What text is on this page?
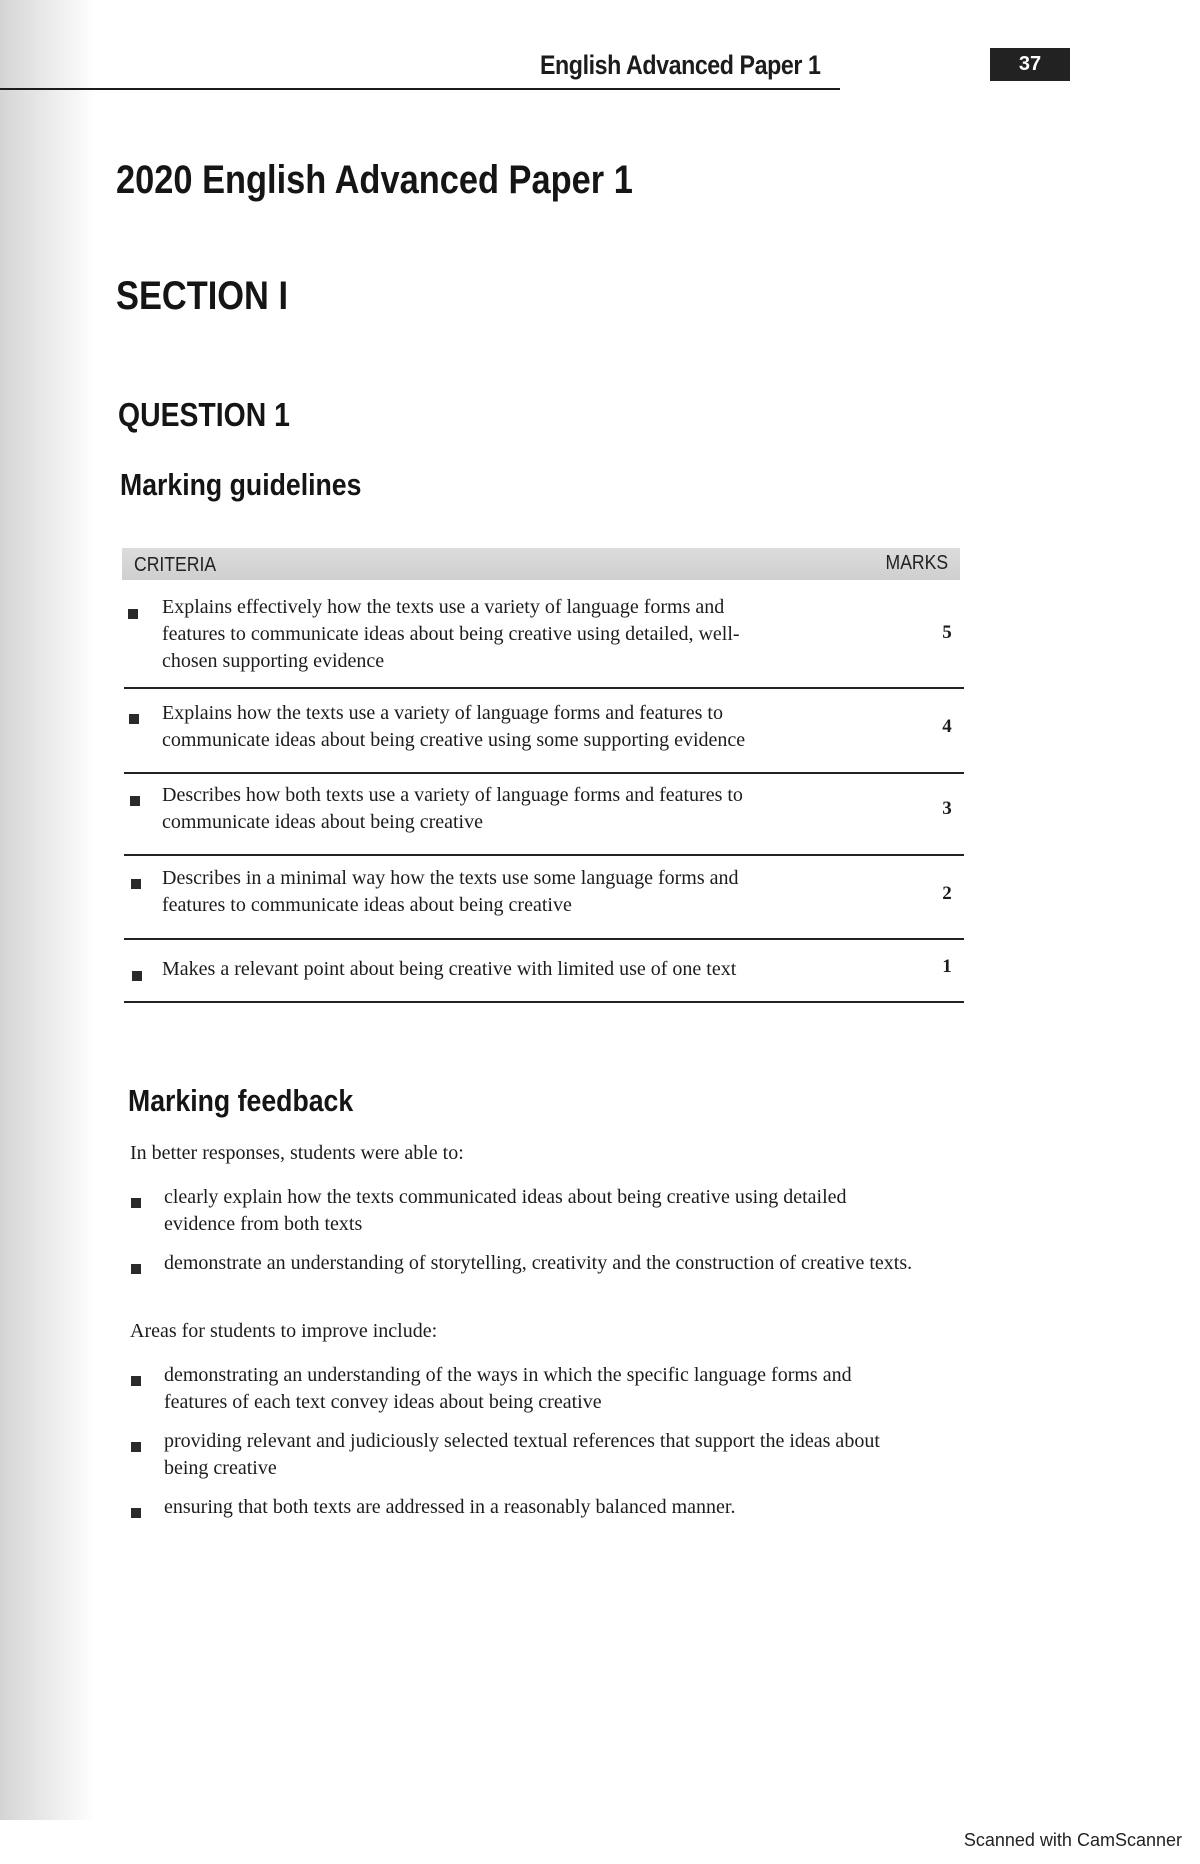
English Advanced Paper 1	37
2020 English Advanced Paper 1
SECTION I
QUESTION 1
Marking guidelines
CRITERIA	MARKS
Explains effectively how the texts use a variety of language forms and
features to communicate ideas about being creative using detailed, well-
chosen supporting evidence
5
Explains how the texts use a variety of language forms and features to
communicate ideas about being creative using some supporting evidence
4
Describes how both texts use a variety of language forms and features to
communicate ideas about being creative
3
Describes in a minimal way how the texts use some language forms and
features to communicate ideas about being creative
2
Makes a relevant point about being creative with limited use of one text	1
Marking feedback
In better responses, students were able to:
clearly explain how the texts communicated ideas about being creative using detailed
evidence from both texts
demonstrate an understanding of storytelling, creativity and the construction of creative texts.
Areas for students to improve include:
demonstrating an understanding of the ways in which the specific language forms and
features of each text convey ideas about being creative
providing relevant and judiciously selected textual references that support the ideas about
being creative
ensuring that both texts are addressed in a reasonably balanced manner.
Scanned with CamScanner
